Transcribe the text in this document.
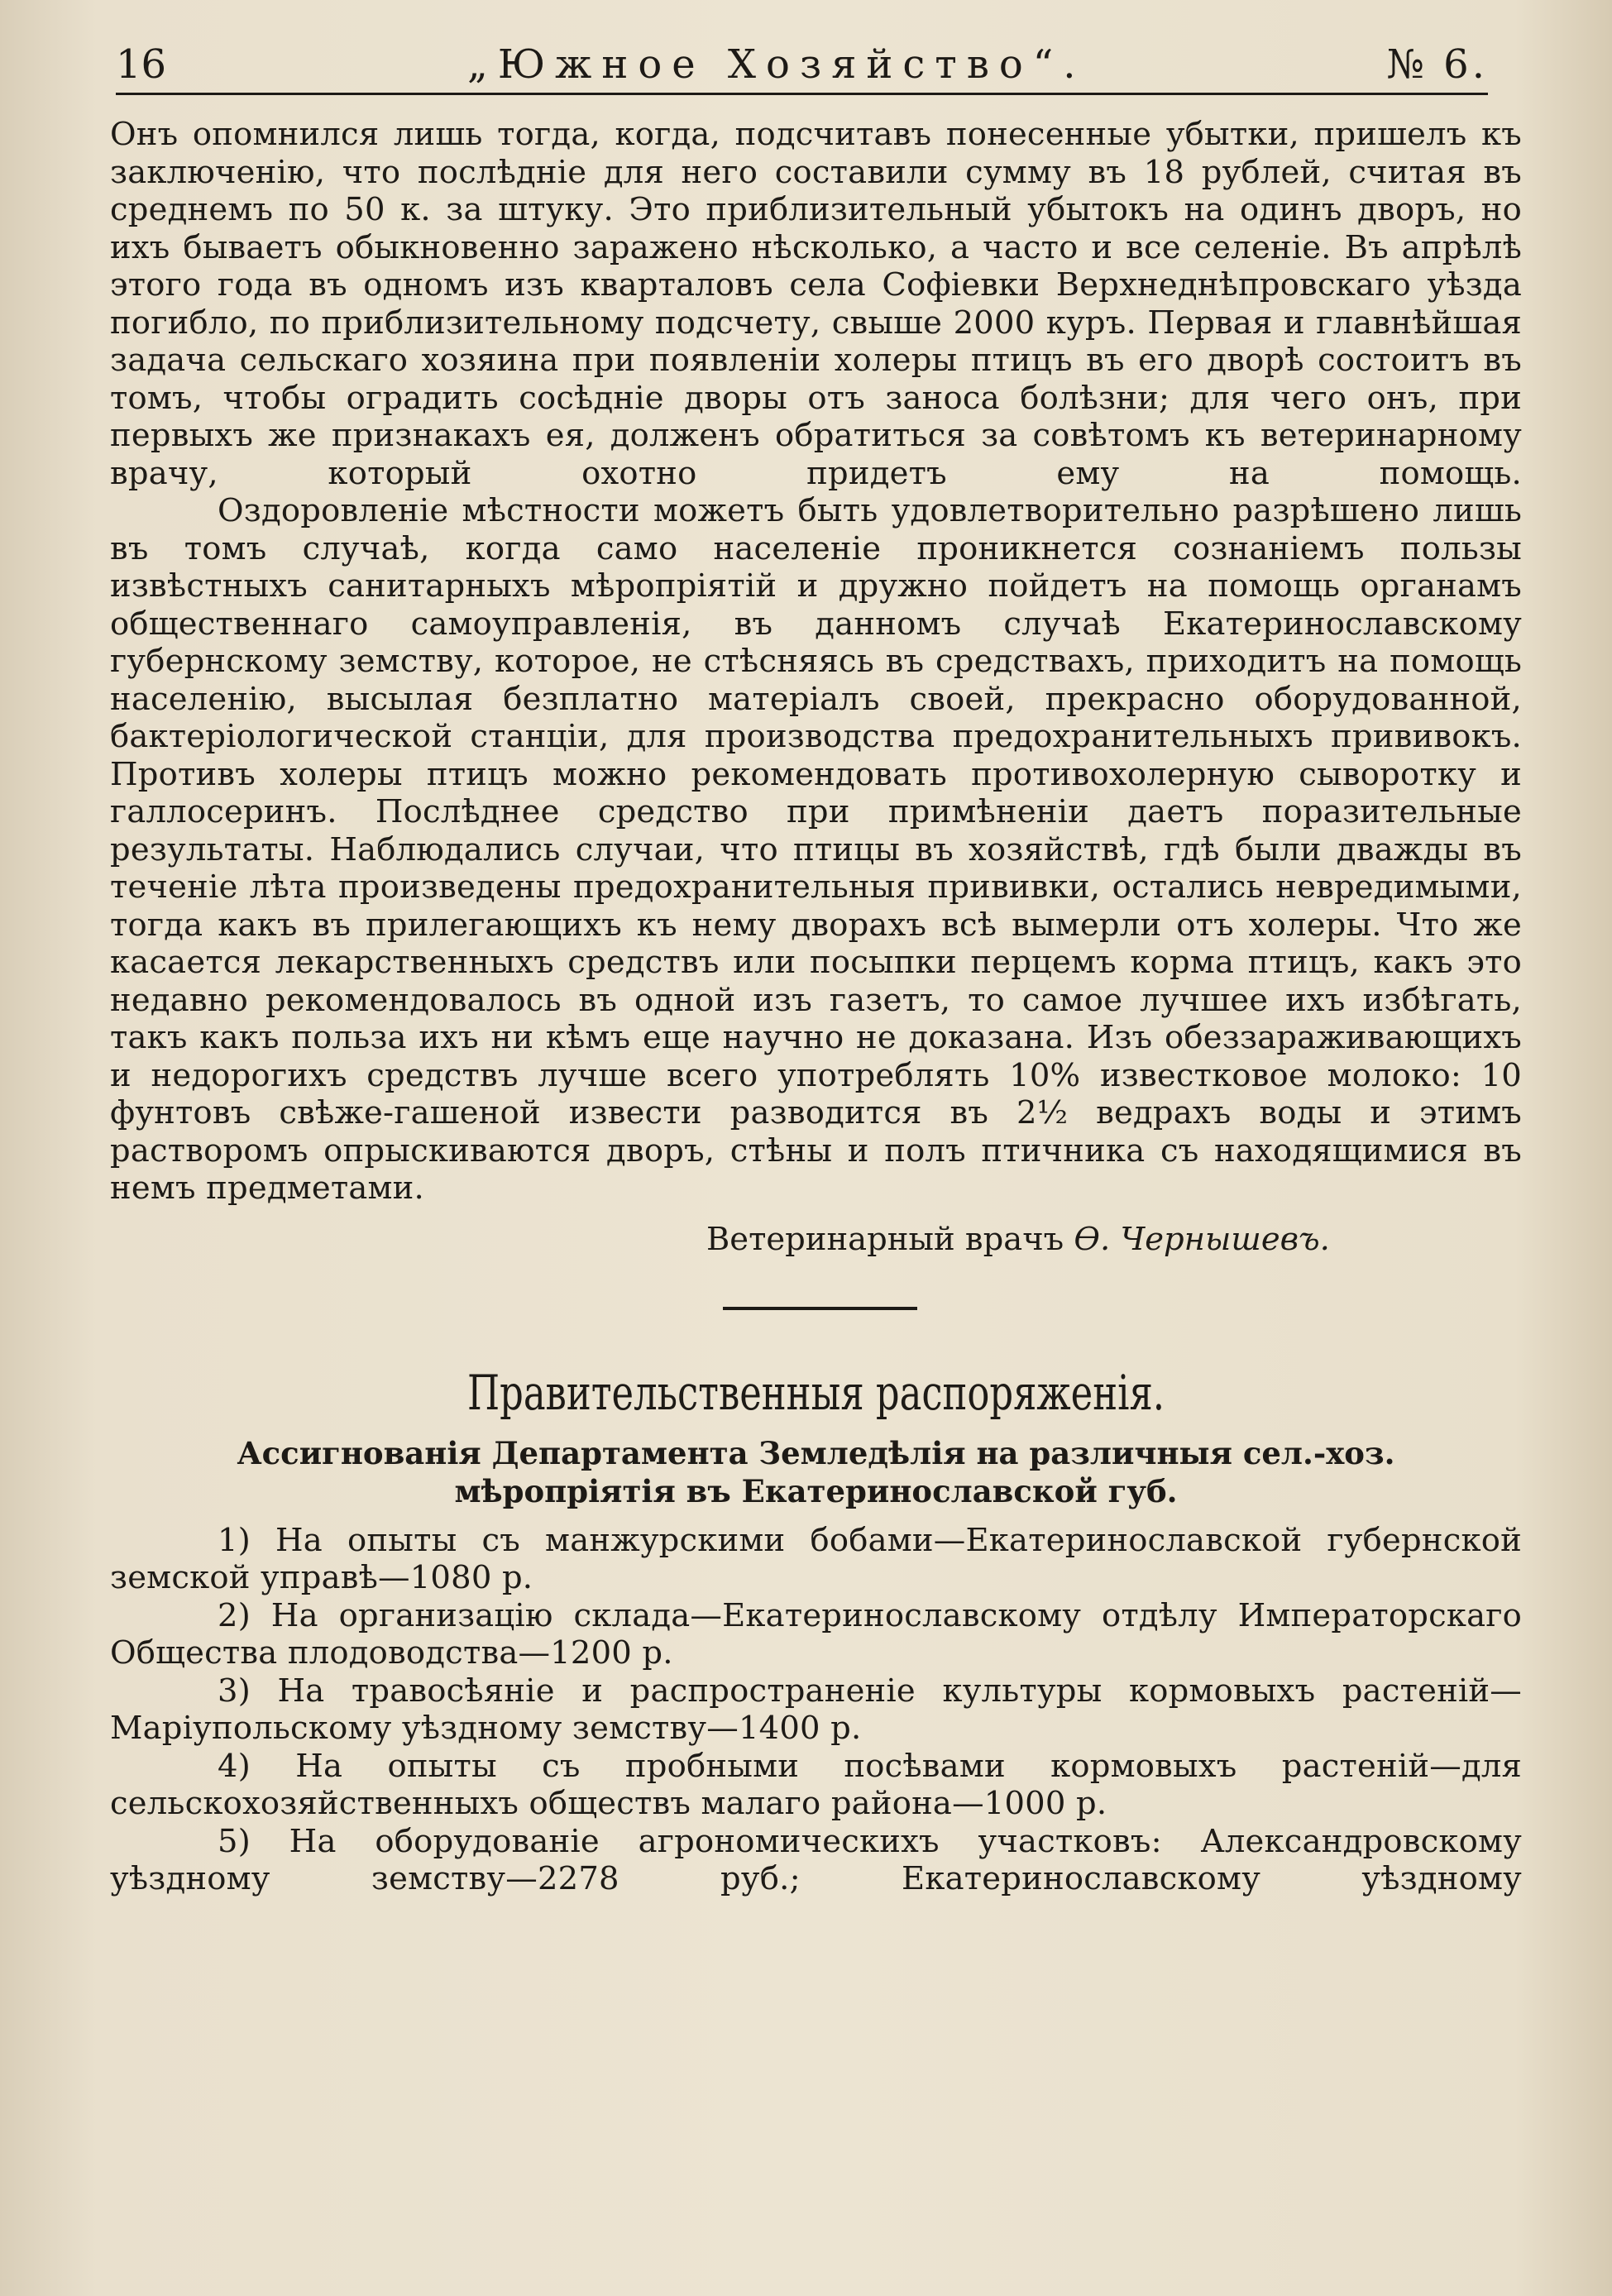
16	„Южное Хозяйство“.	№ 6.

Онъ опомнился лишь тогда, когда, подсчитавъ понесенные убытки, пришелъ къ заключенію, что послѣдніе для него составили сумму въ 18 рублей, считая въ среднемъ по 50 к. за штуку. Это приблизительный убытокъ на одинъ дворъ, но ихъ бываетъ обыкновенно заражено нѣсколько, а часто и все селеніе. Въ апрѣлѣ этого года въ одномъ изъ кварталовъ села Софіевки Верхнеднѣпровскаго уѣзда погибло, по приблизительному подсчету, свыше 2000 куръ. Первая и главнѣйшая задача сельскаго хозяина при появленіи холеры птицъ въ его дворѣ состоитъ въ томъ, чтобы оградить сосѣдніе дворы отъ заноса болѣзни; для чего онъ, при первыхъ же признакахъ ея, долженъ обратиться за совѣтомъ къ ветеринарному врачу, который охотно придетъ ему на помощь.

Оздоровленіе мѣстности можетъ быть удовлетворительно разрѣшено лишь въ томъ случаѣ, когда само населеніе проникнется сознаніемъ пользы извѣстныхъ санитарныхъ мѣропріятій и дружно пойдетъ на помощь органамъ общественнаго самоуправленія, въ данномъ случаѣ Екатеринославскому губернскому земству, которое, не стѣсняясь въ средствахъ, приходитъ на помощь населенію, высылая безплатно матеріалъ своей, прекрасно оборудованной, бактеріологической станціи, для производства предохранительныхъ прививокъ. Противъ холеры птицъ можно рекомендовать противохолерную сыворотку и галлосеринъ. Послѣднее средство при примѣненіи даетъ поразительные результаты. Наблюдались случаи, что птицы въ хозяйствѣ, гдѣ были дважды въ теченіе лѣта произведены предохранительныя прививки, остались невредимыми, тогда какъ въ прилегающихъ къ нему дворахъ всѣ вымерли отъ холеры. Что же касается лекарственныхъ средствъ или посыпки перцемъ корма птицъ, какъ это недавно рекомендовалось въ одной изъ газетъ, то самое лучшее ихъ избѣгать, такъ какъ польза ихъ ни кѣмъ еще научно не доказана. Изъ обеззараживающихъ и недорогихъ средствъ лучше всего употреблять 10% известковое молоко: 10 фунтовъ свѣже-гашеной извести разводится въ 2½ ведрахъ воды и этимъ растворомъ опрыскиваются дворъ, стѣны и полъ птичника съ находящимися въ немъ предметами.

Ветеринарный врачъ Ѳ. Чернышевъ.
Правительственныя распоряженія.
Ассигнованія Департамента Земледѣлія на различныя сел.-хоз.
мѣропріятія въ Екатеринославской губ.

1) На опыты съ манжурскими бобами—Екатеринославской губернской земской управѣ—1080 р.

2) На организацію склада—Екатеринославскому отдѣлу Императорскаго Общества плодоводства—1200 р.

3) На травосѣяніе и распространеніе культуры кормовыхъ растеній—Маріупольскому уѣздному земству—1400 р.

4) На опыты съ пробными посѣвами кормовыхъ растеній—для сельскохозяйственныхъ обществъ малаго района—1000 р.

5) На оборудованіе агрономическихъ участковъ: Александровскому уѣздному земству—2278 руб.; Екатеринославскому уѣздному
